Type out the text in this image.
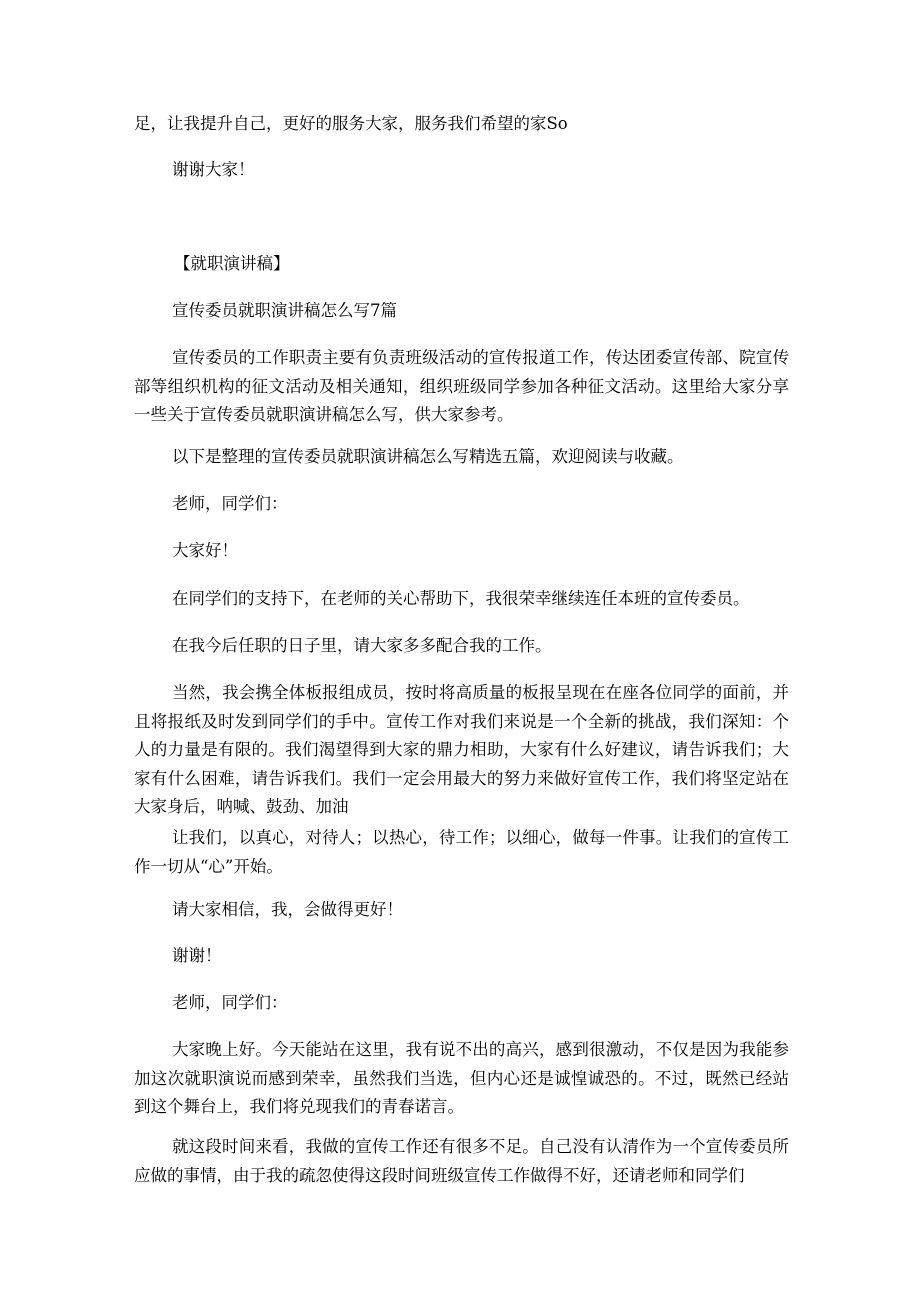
足，让我提升自己，更好的服务大家，服务我们希望的家So

谢谢大家！

【就职演讲稿】

宣传委员就职演讲稿怎么写7篇

宣传委员的工作职责主要有负责班级活动的宣传报道工作，传达团委宣传部、院宣传部等组织机构的征文活动及相关通知，组织班级同学参加各种征文活动。这里给大家分享一些关于宣传委员就职演讲稿怎么写，供大家参考。

以下是整理的宣传委员就职演讲稿怎么写精选五篇，欢迎阅读与收藏。

老师，同学们：

大家好！

在同学们的支持下，在老师的关心帮助下，我很荣幸继续连任本班的宣传委员。

在我今后任职的日子里，请大家多多配合我的工作。

当然，我会携全体板报组成员，按时将高质量的板报呈现在在座各位同学的面前，并且将报纸及时发到同学们的手中。宣传工作对我们来说是一个全新的挑战，我们深知：个人的力量是有限的。我们渴望得到大家的鼎力相助，大家有什么好建议，请告诉我们；大家有什么困难，请告诉我们。我们一定会用最大的努力来做好宣传工作，我们将坚定站在大家身后，呐喊、鼓劲、加油

让我们，以真心，对待人；以热心，待工作；以细心，做每一件事。让我们的宣传工作一切从“心”开始。

请大家相信，我，会做得更好！

谢谢！

老师，同学们：

大家晚上好。今天能站在这里，我有说不出的高兴，感到很激动，不仅是因为我能参加这次就职演说而感到荣幸，虽然我们当选，但内心还是诚惶诚恐的。不过，既然已经站到这个舞台上，我们将兑现我们的青春诺言。

就这段时间来看，我做的宣传工作还有很多不足。自己没有认清作为一个宣传委员所应做的事情，由于我的疏忽使得这段时间班级宣传工作做得不好，还请老师和同学们
